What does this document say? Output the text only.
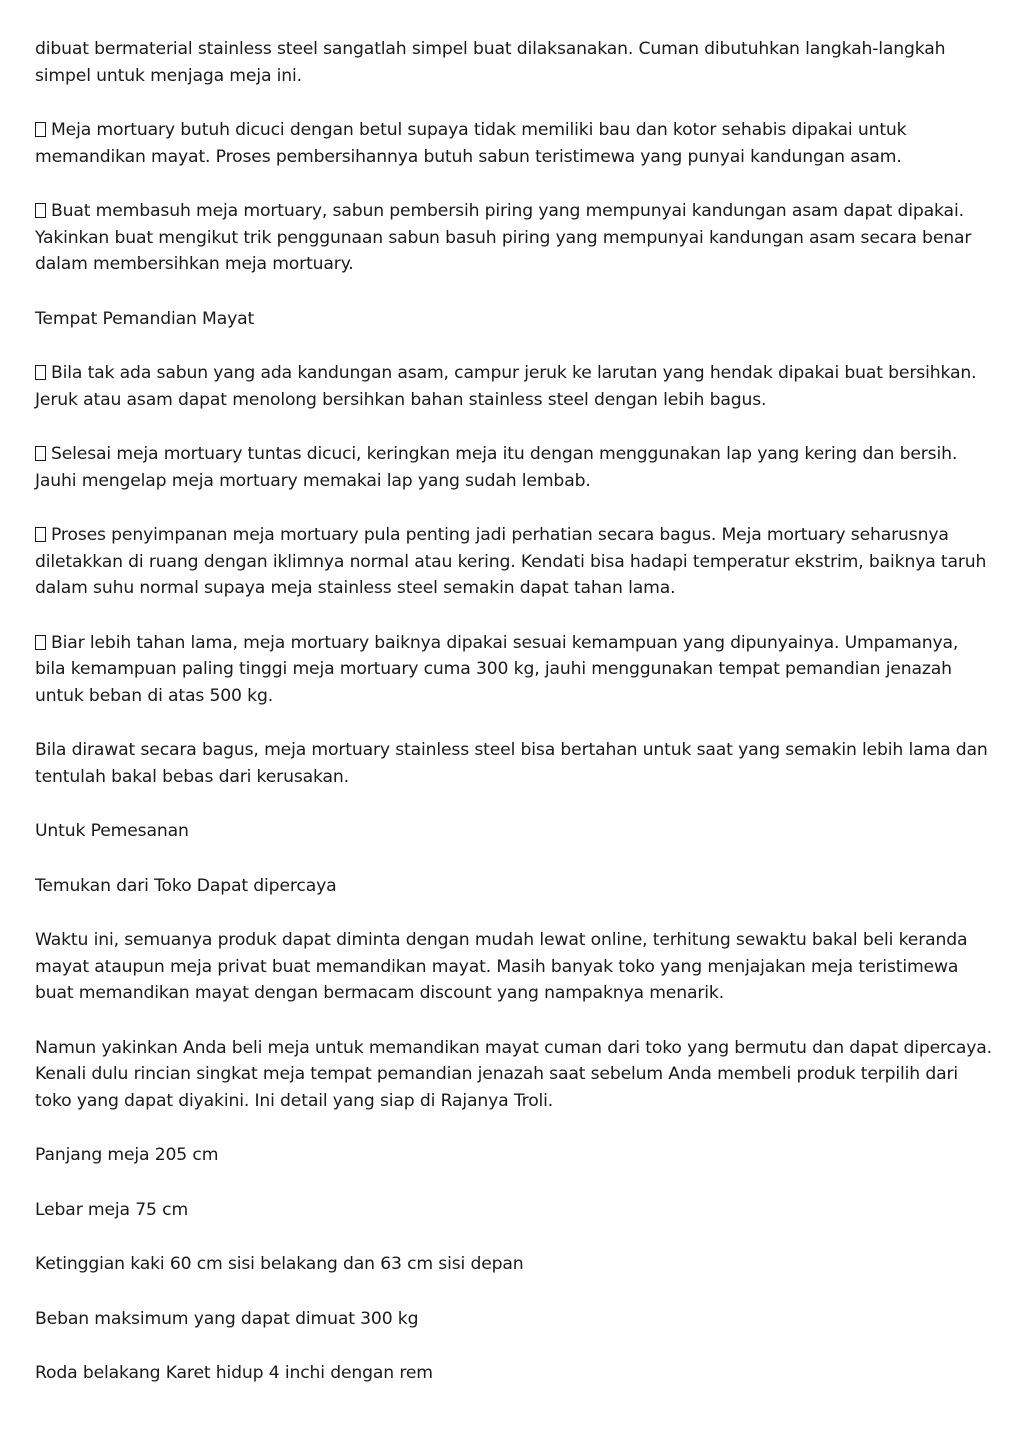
dibuat bermaterial stainless steel sangatlah simpel buat dilaksanakan. Cuman dibutuhkan langkah-langkah simpel untuk menjaga meja ini.

Meja mortuary butuh dicuci dengan betul supaya tidak memiliki bau dan kotor sehabis dipakai untuk memandikan mayat. Proses pembersihannya butuh sabun teristimewa yang punyai kandungan asam.

Buat membasuh meja mortuary, sabun pembersih piring yang mempunyai kandungan asam dapat dipakai. Yakinkan buat mengikut trik penggunaan sabun basuh piring yang mempunyai kandungan asam secara benar dalam membersihkan meja mortuary.

Tempat Pemandian Mayat

Bila tak ada sabun yang ada kandungan asam, campur jeruk ke larutan yang hendak dipakai buat bersihkan. Jeruk atau asam dapat menolong bersihkan bahan stainless steel dengan lebih bagus.

Selesai meja mortuary tuntas dicuci, keringkan meja itu dengan menggunakan lap yang kering dan bersih. Jauhi mengelap meja mortuary memakai lap yang sudah lembab.

Proses penyimpanan meja mortuary pula penting jadi perhatian secara bagus. Meja mortuary seharusnya diletakkan di ruang dengan iklimnya normal atau kering. Kendati bisa hadapi temperatur ekstrim, baiknya taruh dalam suhu normal supaya meja stainless steel semakin dapat tahan lama.

Biar lebih tahan lama, meja mortuary baiknya dipakai sesuai kemampuan yang dipunyainya. Umpamanya, bila kemampuan paling tinggi meja mortuary cuma 300 kg, jauhi menggunakan tempat pemandian jenazah untuk beban di atas 500 kg.

Bila dirawat secara bagus, meja mortuary stainless steel bisa bertahan untuk saat yang semakin lebih lama dan tentulah bakal bebas dari kerusakan.

Untuk Pemesanan

Temukan dari Toko Dapat dipercaya

Waktu ini, semuanya produk dapat diminta dengan mudah lewat online, terhitung sewaktu bakal beli keranda mayat ataupun meja privat buat memandikan mayat. Masih banyak toko yang menjajakan meja teristimewa buat memandikan mayat dengan bermacam discount yang nampaknya menarik.

Namun yakinkan Anda beli meja untuk memandikan mayat cuman dari toko yang bermutu dan dapat dipercaya. Kenali dulu rincian singkat meja tempat pemandian jenazah saat sebelum Anda membeli produk terpilih dari toko yang dapat diyakini. Ini detail yang siap di Rajanya Troli.

Panjang meja 205 cm

Lebar meja 75 cm

Ketinggian kaki 60 cm sisi belakang dan 63 cm sisi depan

Beban maksimum yang dapat dimuat 300 kg

Roda belakang Karet hidup 4 inchi dengan rem
